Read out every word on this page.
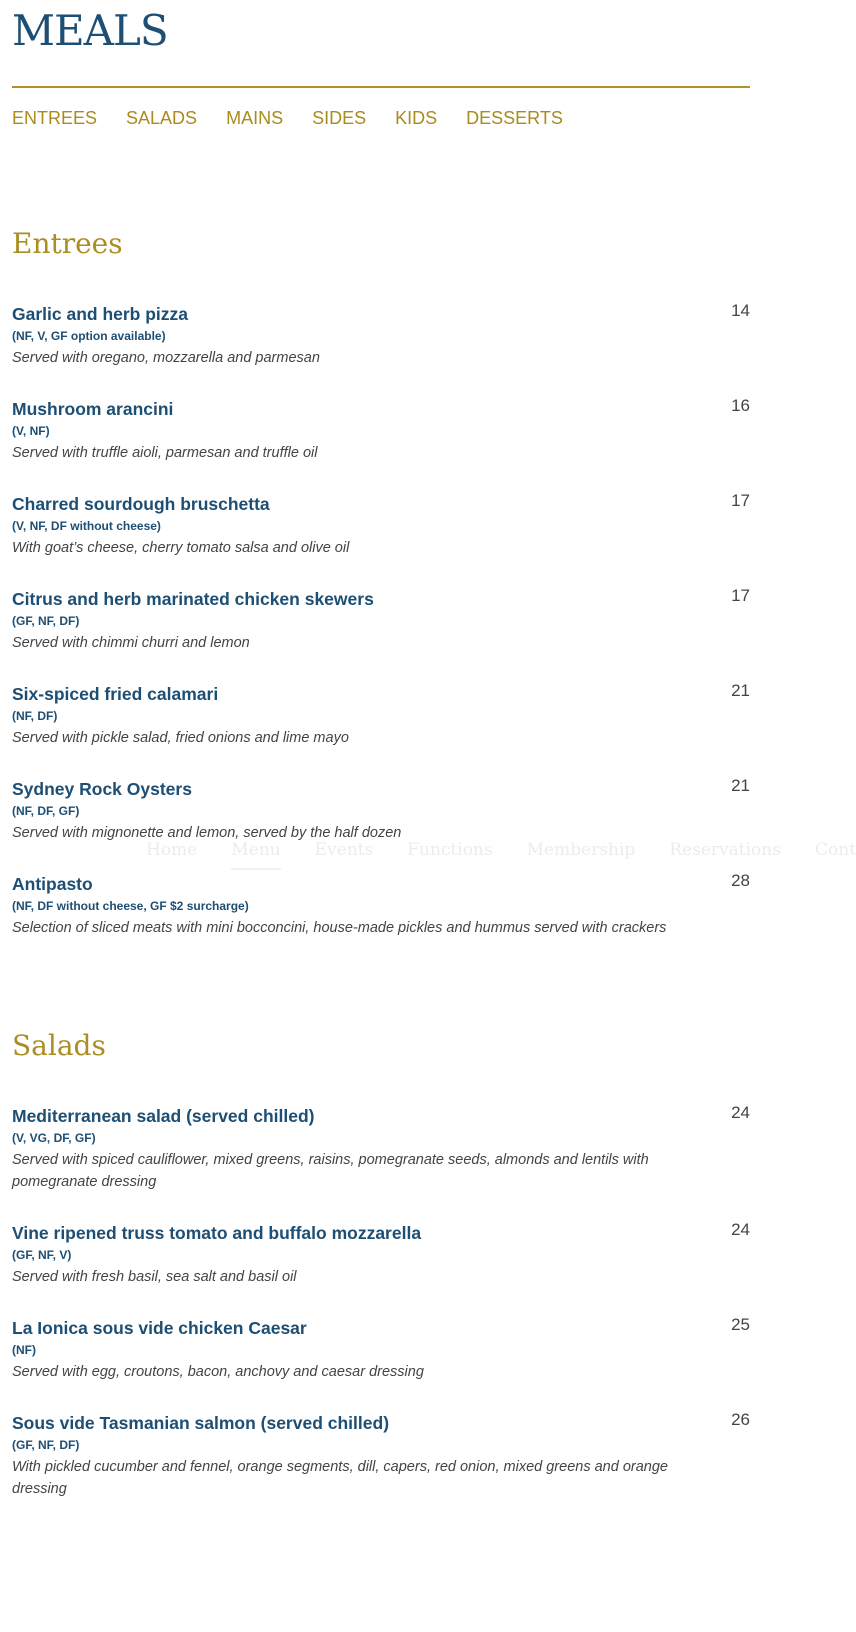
MEALS
ENTREES SALADS MAINS SIDES KIDS DESSERTS
Entrees
Garlic and herb pizza
(NF, V, GF option available)
Served with oregano, mozzarella and parmesan
14
Mushroom arancini
(V, NF)
Served with truffle aioli, parmesan and truffle oil
16
Charred sourdough bruschetta
(V, NF, DF without cheese)
With goat’s cheese, cherry tomato salsa and olive oil
17
Citrus and herb marinated chicken skewers
(GF, NF, DF)
Served with chimmi churri and lemon
17
Six-spiced fried calamari
(NF, DF)
Served with pickle salad, fried onions and lime mayo
21
Sydney Rock Oysters
(NF, DF, GF)
Served with mignonette and lemon, served by the half dozen
21
Antipasto
(NF, DF without cheese, GF $2 surcharge)
Selection of sliced meats with mini bocconcini, house-made pickles and hummus served with crackers
28
Salads
Mediterranean salad (served chilled)
(V, VG, DF, GF)
Served with spiced cauliflower, mixed greens, raisins, pomegranate seeds, almonds and lentils with pomegranate dressing
24
Vine ripened truss tomato and buffalo mozzarella
(GF, NF, V)
Served with fresh basil, sea salt and basil oil
24
La Ionica sous vide chicken Caesar
(NF)
Served with egg, croutons, bacon, anchovy and caesar dressing
25
Sous vide Tasmanian salmon (served chilled)
(GF, NF, DF)
With pickled cucumber and fennel, orange segments, dill, capers, red onion, mixed greens and orange dressing
26
Home Menu Events Functions Membership Reservations Cont
